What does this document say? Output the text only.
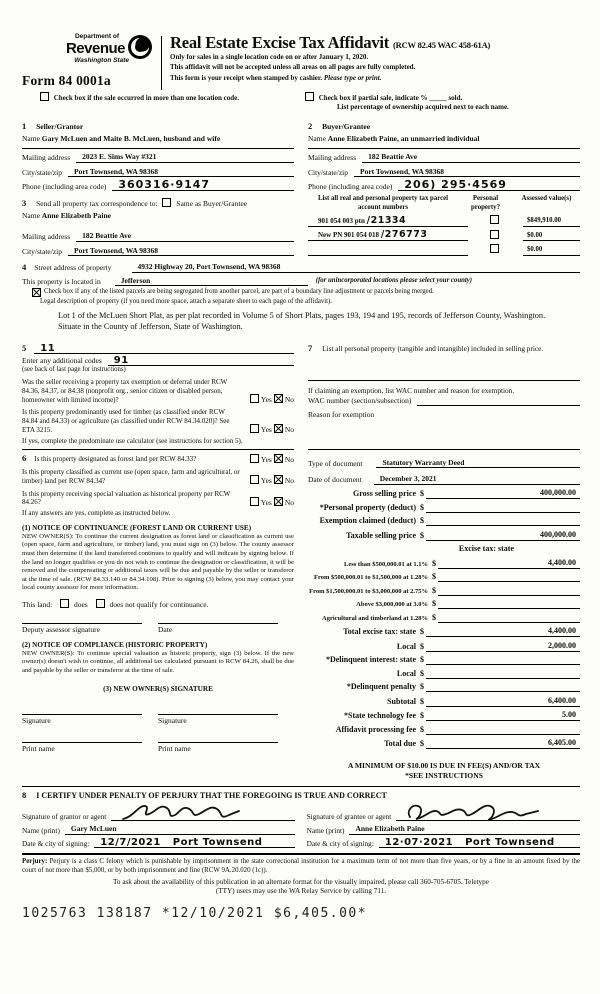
Department of
Revenue
Washington State
Form 84 0001a
Real Estate Excise Tax Affidavit (RCW 82.45 WAC 458-61A)
Only for sales in a single location code on or after January 1, 2020.
This affidavit will not be accepted unless all areas on all pages are fully completed.
This form is your receipt when stamped by cashier. Please type or print.
Check box if the sale occurred in more than one location code.	Check box if partial sale, indicate % _____ sold.
List percentage of ownership acquired next to each name.
1 Seller/Grantor
Name Gary McLuen and Maite B. McLuen, husband and wife
Mailing address	2023 E. Sims Way #321
City/state/zip	Port Townsend, WA 98368
Phone (including area code)	360316·9147
3 Send all property tax correspondence to:	Same as Buyer/Grantee
Name Anne Elizabeth Paine
Mailing address	182 Beattie Ave
City/state/zip	Port Townsend, WA 98368
2 Buyer/Grantee
Name Anne Elizabeth Paine, an unmarried individual
Mailing address	182 Beattie Ave
City/state/zip	Port Townsend, WA 98368
Phone (including area code)	206) 295·4569
List all real and personal property tax parcel account numbers
Personal property?
Assessed value(s)
901 054 003 ptn /21334	$849,910.00
New PN 901 054 018 /276773	$0.00
$0.00
4 Street address of property	4932 Highway 20, Port Townsend, WA 98368
This property is located in	Jefferson	(for unincorporated locations please select your county)
Check box if any of the listed parcels are being segregated from another parcel, are part of a boundary line adjustment or parcels being merged.
Legal description of property (if you need more space, attach a separate sheet to each page of the affidavit).
Lot 1 of the McLuen Short Plat, as per plat recorded in Volume 5 of Short Plats, pages 193, 194 and 195, records of Jefferson County, Washington.
Situate in the County of Jefferson, State of Washington.
5	11
Enter any additional codes	91
(see back of last page for instructions)
Was the seller receiving a property tax exemption or deferral under RCW 84.36, 84.37, or 84.38 (nonprofit org., senior citizen or disabled person, homeowner with limited income)?	Yes No
Is this property predominantly used for timber (as classified under RCW 84.84 and 84.33) or agriculture (as classified under RCW 84.34.020)? See ETA 3215.	Yes No
If yes, complete the predominate use calculator (see instructions for section 5).
6 Is this property designated as forest land per RCW 84.33?	Yes No
Is this property classified as current use (open space, farm and agricultural, or timber) land per RCW 84.34?	Yes No
Is this property receiving special valuation as historical property per RCW 84.26?	Yes No
If any answers are yes, complete as instructed below.
(1) NOTICE OF CONTINUANCE (FOREST LAND OR CURRENT USE)
NEW OWNER(S): To continue the current designation as forest land or classification as current use (open space, farm and agriculture, or timber) land, you must sign on (3) below. The county assessor must then determine if the land transferred continues to qualify and will indicate by signing below. If the land no longer qualifies or you do not wish to continue the designation or classification, it will be removed and the compensating or additional taxes will be due and payable by the seller or transferor at the time of sale. (RCW 84.33.140 or 84.34.108). Prior to signing (3) below, you may contact your local county assessor for more information.
This land:	does	does not qualify for continuance.
Deputy assessor signature	Date
(2) NOTICE OF COMPLIANCE (HISTORIC PROPERTY)
NEW OWNER(S): To continue special valuation as historic property, sign (3) below. If the new owner(s) doesn't wish to continue, all additional tax calculated pursuant to RCW 84.26, shall be due and payable by the seller or transferor at the time of sale.
(3) NEW OWNER(S) SIGNATURE
Signature	Signature
Print name	Print name
7 List all personal property (tangible and intangible) included in selling price.
If claiming an exemption, list WAC number and reason for exemption.
WAC number (section/subsection)
Reason for exemption
Type of document	Statutory Warranty Deed
Date of document	December 3, 2021
Gross selling price $	400,000.00
*Personal property (deduct) $
Exemption claimed (deduct) $
Taxable selling price $	400,000.00
Excise tax: state
Less than $500,000.01 at 1.1% $	4,400.00
From $500,000.01 to $1,500,000 at 1.28% $
From $1,500,000.01 to $3,000,000 at 2.75% $
Above $3,000,000 at 3.0% $
Agricultural and timberland at 1.28% $
Total excise tax: state $	4,400.00
Local $	2,000.00
*Delinquent interest: state $
Local $
*Delinquent penalty $
Subtotal $	6,400.00
*State technology fee $	5.00
Affidavit processing fee $
Total due $	6,405.00
A MINIMUM OF $10.00 IS DUE IN FEE(S) AND/OR TAX
*SEE INSTRUCTIONS
8 I CERTIFY UNDER PENALTY OF PERJURY THAT THE FOREGOING IS TRUE AND CORRECT
Signature of grantor or agent
Name (print)	Gary McLuen
Date & city of signing:	12/7/2021 Port Townsend
Signature of grantee or agent
Name (print)	Anne Elizabeth Paine
Date & city of signing:	12·07·2021 Port Townsend
Perjury: Perjury is a class C felony which is punishable by imprisonment in the state correctional institution for a maximum term of not more than five years, or by a fine in an amount fixed by the court of not more than $5,000, or by both imprisonment and fine (RCW 9A.20.020 (1c)).
To ask about the availability of this publication in an alternate format for the visually impaired, please call 360-705-6705. Teletype
(TTY) users may use the WA Relay Service by calling 711.
1025763 138187 *12/10/2021 $6,405.00*
